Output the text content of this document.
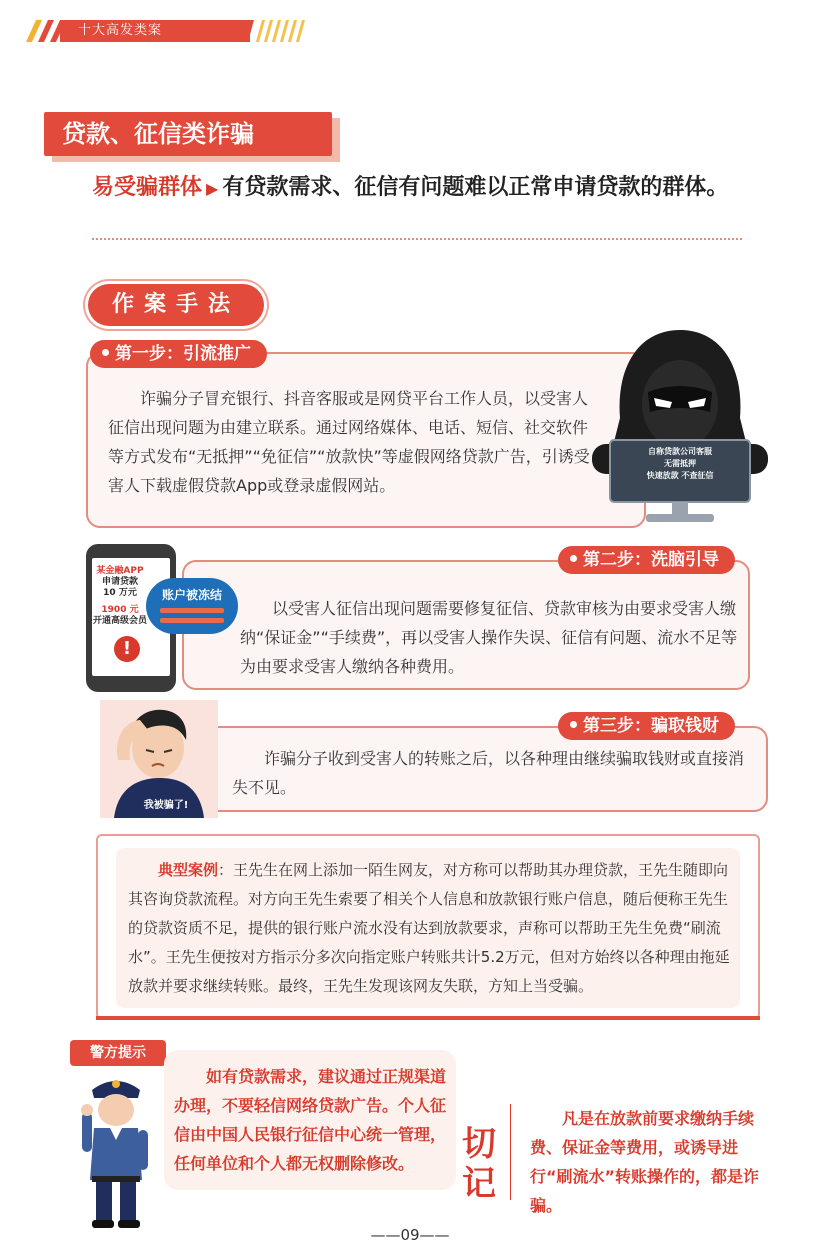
十大高发类案
贷款、征信类诈骗
易受骗群体 ▶ 有贷款需求、征信有问题难以正常申请贷款的群体。
作案手法
第一步：引流推广
诈骗分子冒充银行、抖音客服或是网贷平台工作人员，以受害人征信出现问题为由建立联系。通过网络媒体、电话、短信、社交软件等方式发布“无抵押”“免征信”“放款快”等虚假网络贷款广告，引诱受害人下载虚假贷款App或登录虚假网站。
自称贷款公司客服
无需抵押
快速放款 不查征信
第二步：洗脑引导
以受害人征信出现问题需要修复征信、贷款审核为由要求受害人缴纳“保证金”“手续费”，再以受害人操作失误、征信有问题、流水不足等为由要求受害人缴纳各种费用。
某金融APP
申请贷款
10 万元
1900 元
开通高级会员
!
账户被冻结
第三步：骗取钱财
诈骗分子收到受害人的转账之后，以各种理由继续骗取钱财或直接消失不见。
我被骗了!
典型案例：王先生在网上添加一陌生网友，对方称可以帮助其办理贷款，王先生随即向其咨询贷款流程。对方向王先生索要了相关个人信息和放款银行账户信息，随后便称王先生的贷款资质不足，提供的银行账户流水没有达到放款要求，声称可以帮助王先生免费“刷流水”。王先生便按对方指示分多次向指定账户转账共计5.2万元，但对方始终以各种理由拖延放款并要求继续转账。最终，王先生发现该网友失联，方知上当受骗。
警方提示
如有贷款需求，建议通过正规渠道办理，不要轻信网络贷款广告。个人征信由中国人民银行征信中心统一管理，任何单位和个人都无权删除修改。	切记
凡是在放款前要求缴纳手续费、保证金等费用，或诱导进行“刷流水”转账操作的，都是诈骗。
——09——
